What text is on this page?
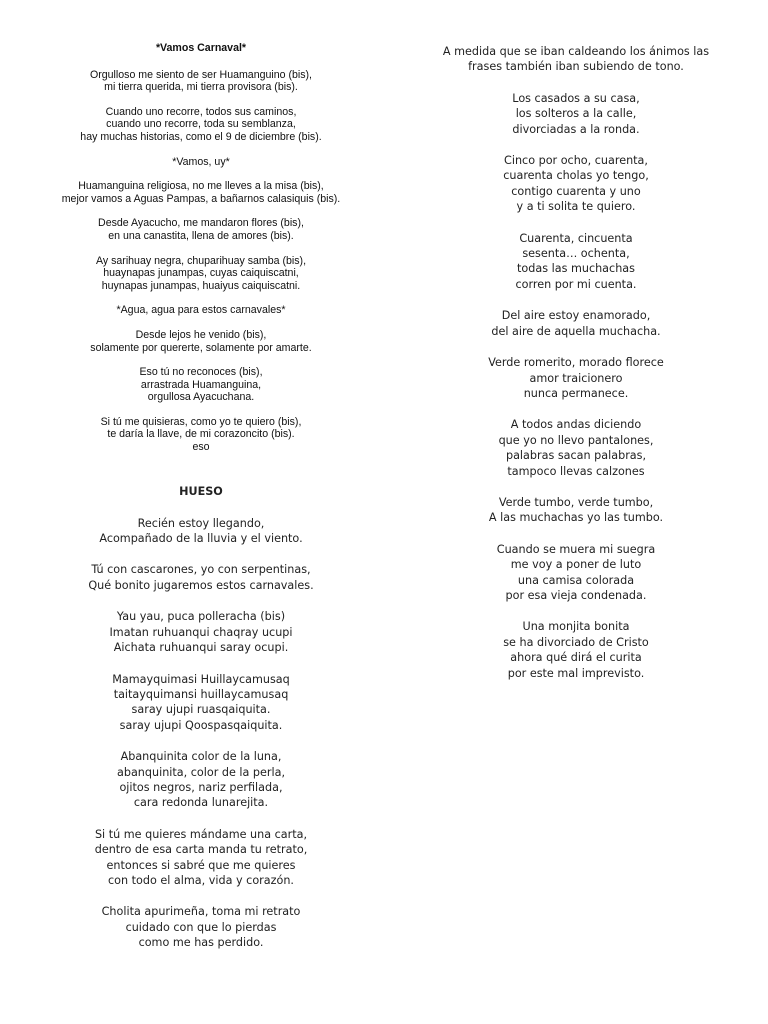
*Vamos Carnaval*

Orgulloso me siento de ser Huamanguino (bis),
mi tierra querida, mi tierra provisora (bis).

Cuando uno recorre, todos sus caminos,
cuando uno recorre, toda su semblanza,
hay muchas historias, como el 9 de diciembre (bis).

*Vamos, uy*

Huamanguina religiosa, no me lleves a la misa (bis),
mejor vamos a Aguas Pampas, a bañarnos calasiquis (bis).

Desde Ayacucho, me mandaron flores (bis),
en una canastita, llena de amores (bis).

Ay sarihuay negra, chuparihuay samba (bis),
huaynapas junampas, cuyas caiquiscatni,
huynapas junampas, huaiyus caiquiscatni.

*Agua, agua para estos carnavales*

Desde lejos he venido (bis),
solamente por quererte, solamente por amarte.

Eso tú no reconoces (bis),
arrastrada Huamanguina,
orgullosa Ayacuchana.

Si tú me quisieras, como yo te quiero (bis),
te daría la llave, de mi corazoncito (bis).
eso

HUESO

Recién estoy llegando,
Acompañado de la lluvia y el viento.

Tú con cascarones, yo con serpentinas,
Qué bonito jugaremos estos carnavales.

Yau yau, puca polleracha (bis)
Imatan ruhuanqui chaqray ucupi
Aichata ruhuanqui saray ocupi.

Mamayquimasi Huillaycamusaq
taitayquimansi huillaycamusaq
saray ujupi ruasqaiquita.
saray ujupi Qoospasqaiquita.

Abanquinita color de la luna,
abanquinita, color de la perla,
ojitos negros, nariz perfilada,
cara redonda lunarejita.

Si tú me quieres mándame una carta,
dentro de esa carta manda tu retrato,
entonces si sabré que me quieres
con todo el alma, vida y corazón.

Cholita apurimeña, toma mi retrato
cuidado con que lo pierdas
como me has perdido.

A medida que se iban caldeando los ánimos las
frases también iban subiendo de tono.

Los casados a su casa,
los solteros a la calle,
divorciadas a la ronda.

Cinco por ocho, cuarenta,
cuarenta cholas yo tengo,
contigo cuarenta y uno
y a ti solita te quiero.

Cuarenta, cincuenta
sesenta… ochenta,
todas las muchachas
corren por mi cuenta.

Del aire estoy enamorado,
del aire de aquella muchacha.

Verde romerito, morado florece
amor traicionero
nunca permanece.

A todos andas diciendo
que yo no llevo pantalones,
palabras sacan palabras,
tampoco llevas calzones

Verde tumbo, verde tumbo,
A las muchachas yo las tumbo.

Cuando se muera mi suegra
me voy a poner de luto
una camisa colorada
por esa vieja condenada.

Una monjita bonita
se ha divorciado de Cristo
ahora qué dirá el curita
por este mal imprevisto.
